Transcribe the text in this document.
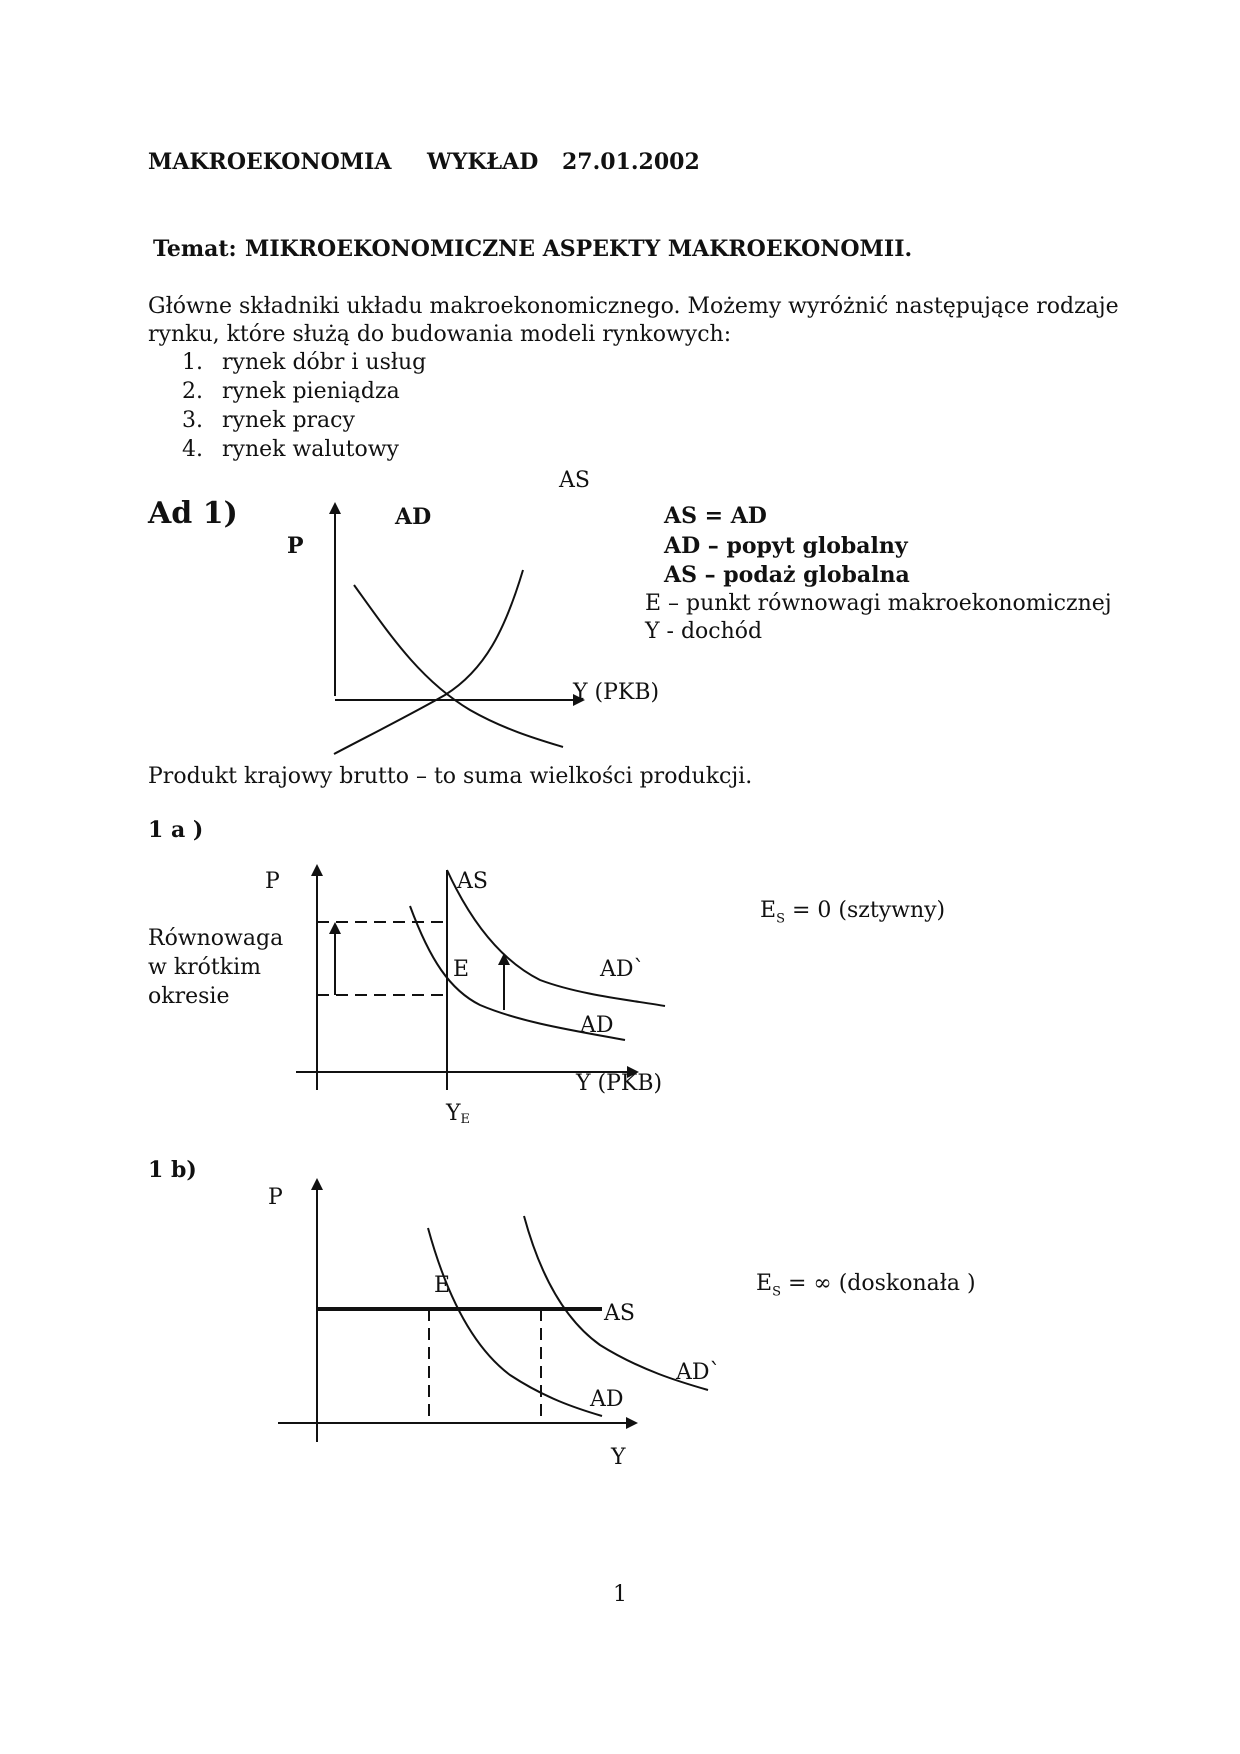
MAKROEKONOMIA WYKŁAD 27.01.2002
Temat: MIKROEKONOMICZNE ASPEKTY MAKROEKONOMII.
Główne składniki układu makroekonomicznego. Możemy wyróżnić następujące rodzaje
rynku, które służą do budowania modeli rynkowych:
1. rynek dóbr i usług
2. rynek pieniądza
3. rynek pracy
4. rynek walutowy
Ad 1)	AS = AD
AD – popyt globalny
AS – podaż globalna
E – punkt równowagi makroekonomicznej
Y - dochód
Produkt krajowy brutto – to suma wielkości produkcji.
1 a )
Równowaga
w krótkim
okresie
$E_S = 0$ (sztywny)
1 b)
$E_S$ = ∞ (doskonała )
1
AS
AD
P
Y (PKB)
P	AS
E	AD`
AD
Y (PKB)
YE
P
E
AS
AD`
AD
Y
